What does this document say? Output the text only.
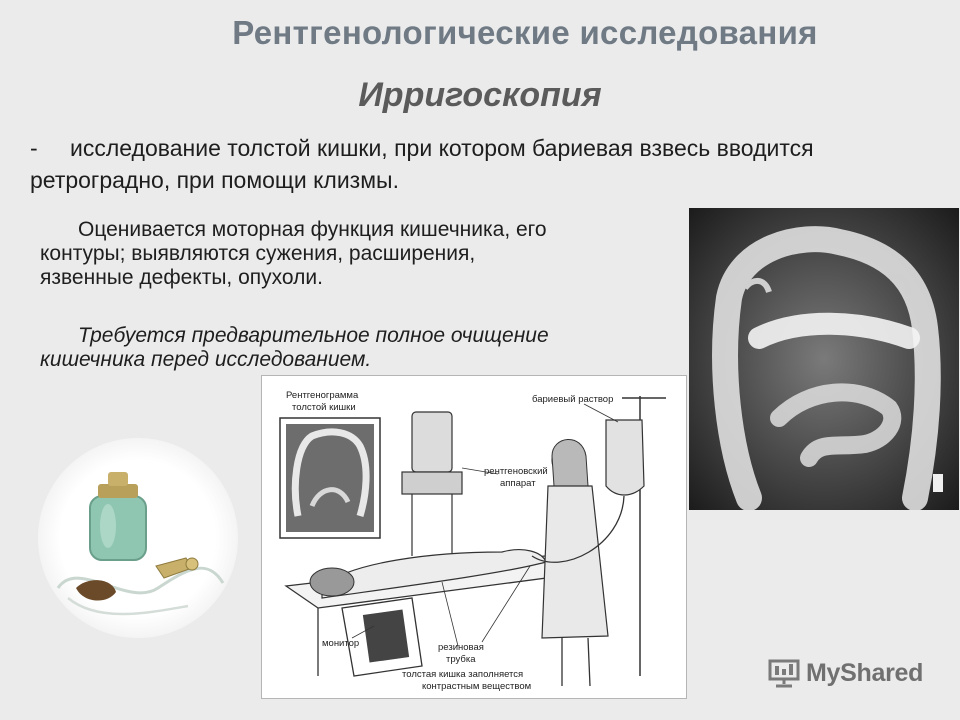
Рентгенологические исследования
Ирригоскопия
- исследование толстой кишки, при котором бариевая взвесь вводится ретроградно, при помощи клизмы.
Оценивается моторная функция кишечника, его контуры; выявляются сужения, расширения, язвенные дефекты, опухоли.
Требуется предварительное полное очищение кишечника перед исследованием.
Рентгенограмма
толстой кишки
бариевый раствор
рентгеновский
аппарат
монитор	резиновая
трубка
толстая кишка заполняется
контрастным веществом	MyShared
